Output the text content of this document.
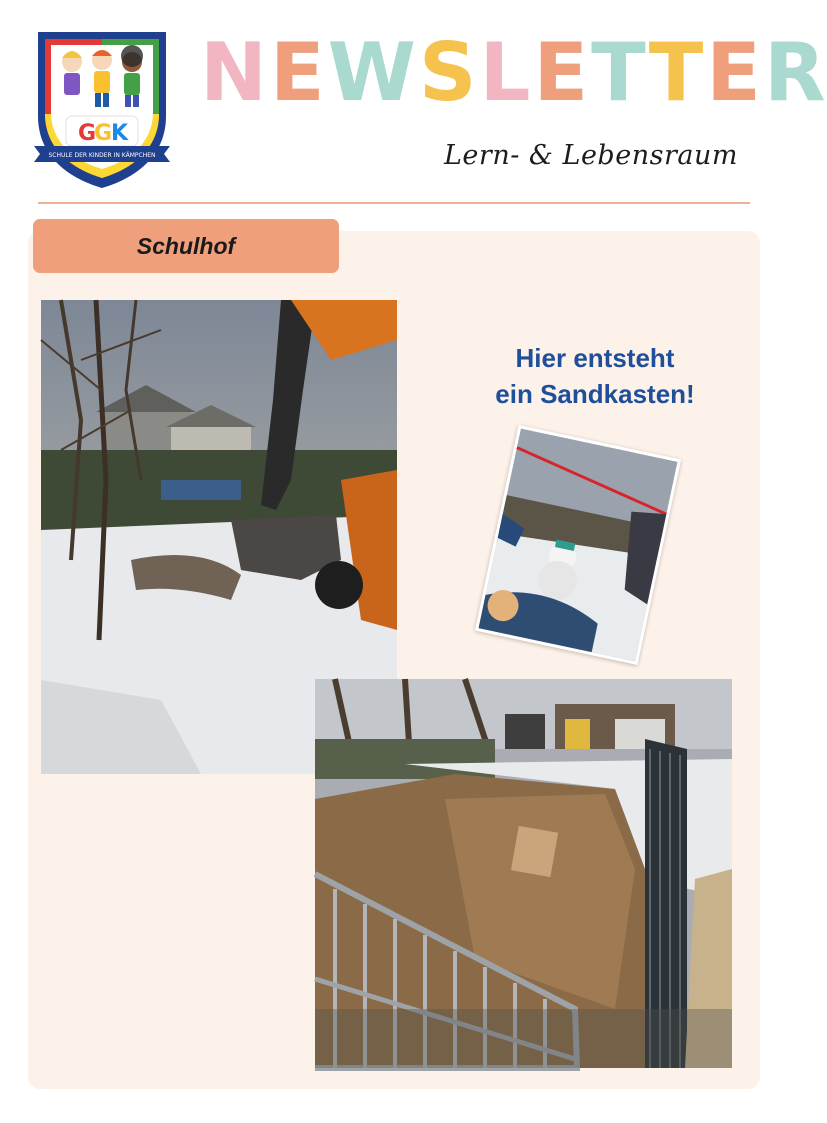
G
G
K
SCHULE DER KINDER IN KÄMPCHEN
N E W S L E T T E R
Lern- & Lebensraum
Schulhof
Hier entsteht
ein Sandkasten!
